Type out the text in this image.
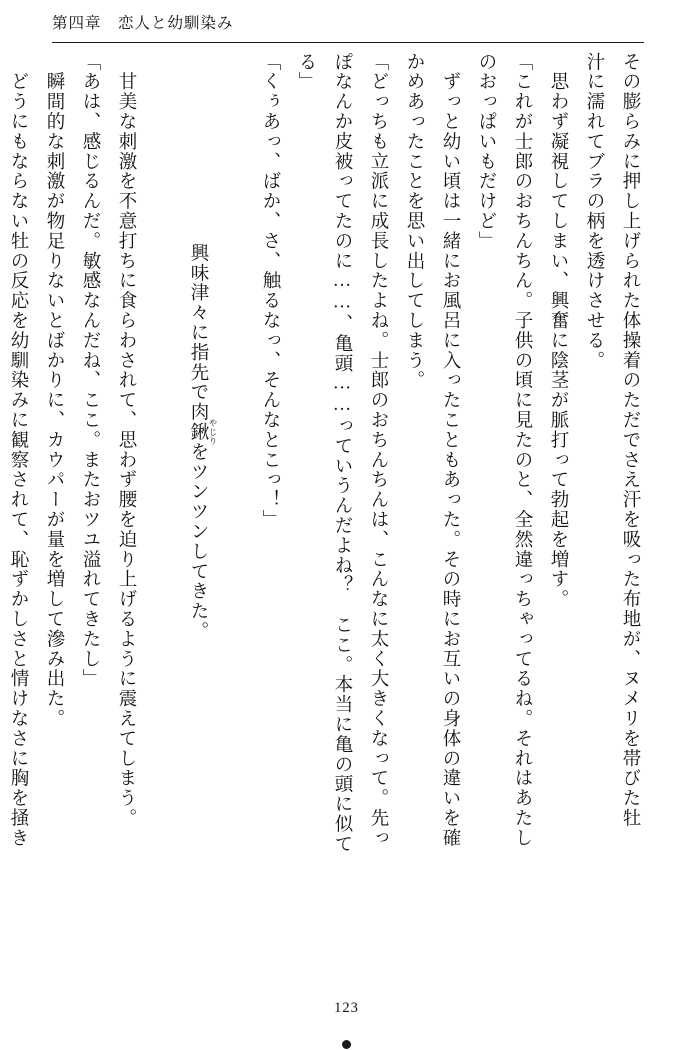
第四章　恋人と幼馴染み
その膨らみに押し上げられた体操着のただでさえ汗を吸った布地が、ヌメリを帯びた牡
汁に濡れてブラの柄を透けさせる。
　思わず凝視してしまい、興奮に陰茎が脈打って勃起を増す。
「これが士郎のおちんちん。子供の頃に見たのと、全然違っちゃってるね。それはあたし
のおっぱいもだけど」
　ずっと幼い頃は一緒にお風呂に入ったこともあった。その時にお互いの身体の違いを確
かめあったことを思い出してしまう。
「どっちも立派に成長したよね。士郎のおちんちんは、こんなに太く大きくなって。先っ
ぽなんか皮被ってたのに……、亀頭……っていうんだよね？　ここ。本当に亀の頭に似て
る」
「くぅあっ、ばか、さ、触るなっ、そんなとこっ！」

　興味津々に指先で肉鍬 やじりをツンツンしてきた。

　甘美な刺激を不意打ちに食らわされて、思わず腰を迫り上げるように震えてしまう。
「あは、感じるんだ。敏感なんだね、ここ。またおツユ溢れてきたし」
　瞬間的な刺激が物足りないとばかりに、カウパーが量を増して滲み出た。
　どうにもならない牡の反応を幼馴染みに観察されて、恥ずかしさと情けなさに胸を掻き
123
